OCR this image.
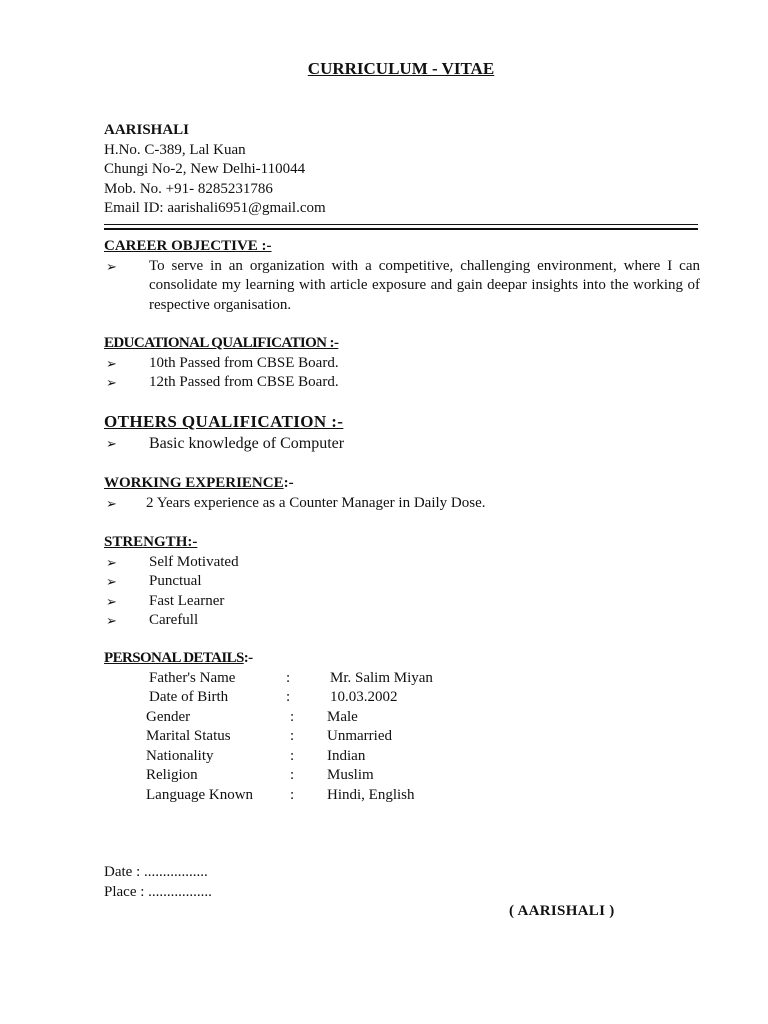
CURRICULUM - VITAE
AARISHALI
H.No. C-389, Lal Kuan
Chungi No-2, New Delhi-110044
Mob. No. +91- 8285231786
Email ID: aarishali6951@gmail.com
CAREER OBJECTIVE :-
➢ To serve in an organization with a competitive, challenging environment, where I can consolidate my learning with article exposure and gain deepar insights into the working of respective organisation.
EDUCATIONAL QUALIFICATION :-
➢ 10th Passed from CBSE Board.
➢ 12th Passed from CBSE Board.
OTHERS QUALIFICATION :-
➢ Basic knowledge of Computer
WORKING EXPERIENCE:-
➢ 2 Years experience as a Counter Manager in Daily Dose.
STRENGTH:-
➢ Self Motivated
➢ Punctual
➢ Fast Learner
➢ Carefull
PERSONAL DETAILS:-
Father's Name	:	Mr. Salim Miyan
Date of Birth	:	10.03.2002
Gender	: Male
Marital Status	: Unmarried
Nationality	: Indian
Religion	: Muslim
Language Known : Hindi, English
Date : .................
Place : .................
( AARISHALI )
